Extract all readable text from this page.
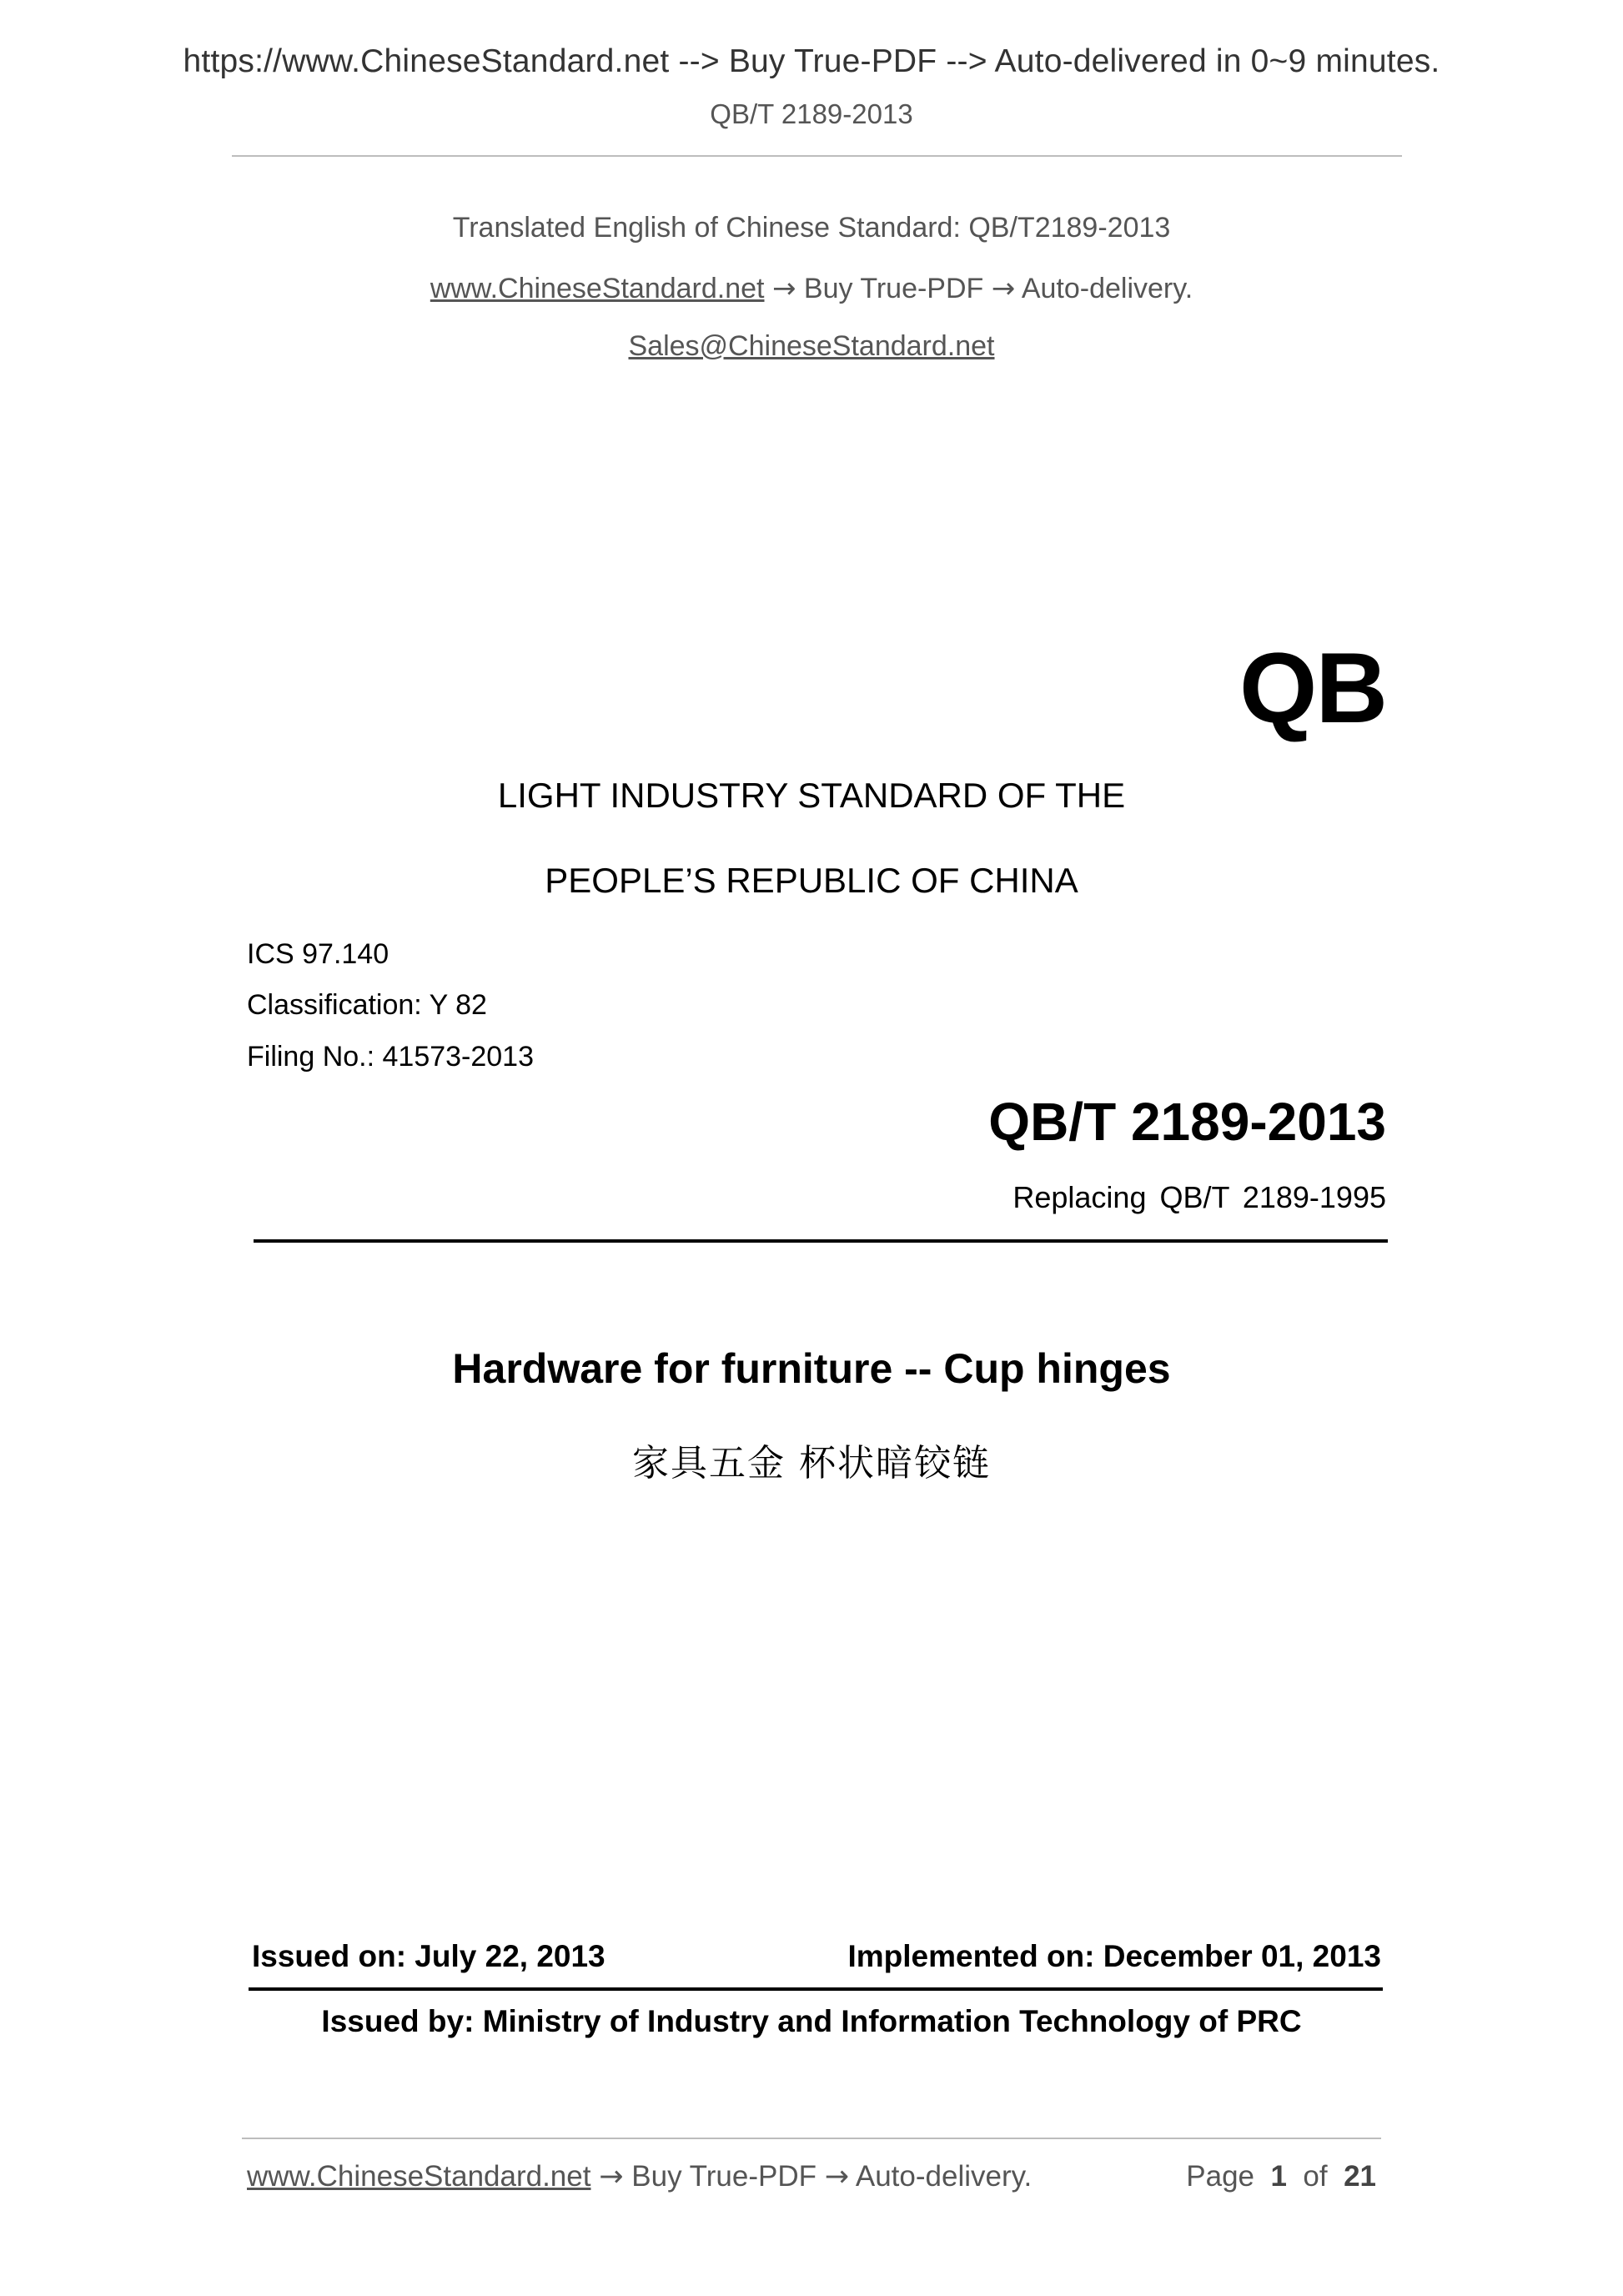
https://www.ChineseStandard.net --> Buy True-PDF --> Auto-delivered in 0~9 minutes.
QB/T 2189-2013
Translated English of Chinese Standard: QB/T2189-2013
www.ChineseStandard.net → Buy True-PDF → Auto-delivery.
Sales@ChineseStandard.net
QB
LIGHT INDUSTRY STANDARD OF THE
PEOPLE’S REPUBLIC OF CHINA
ICS 97.140
Classification: Y 82
Filing No.: 41573-2013
QB/T 2189-2013
Replacing QB/T 2189-1995
Hardware for furniture -- Cup hinges
家具五金 杯状暗铰链
Issued on: July 22, 2013	Implemented on: December 01, 2013
Issued by: Ministry of Industry and Information Technology of PRC
www.ChineseStandard.net → Buy True-PDF → Auto-delivery.	Page 1 of 21
